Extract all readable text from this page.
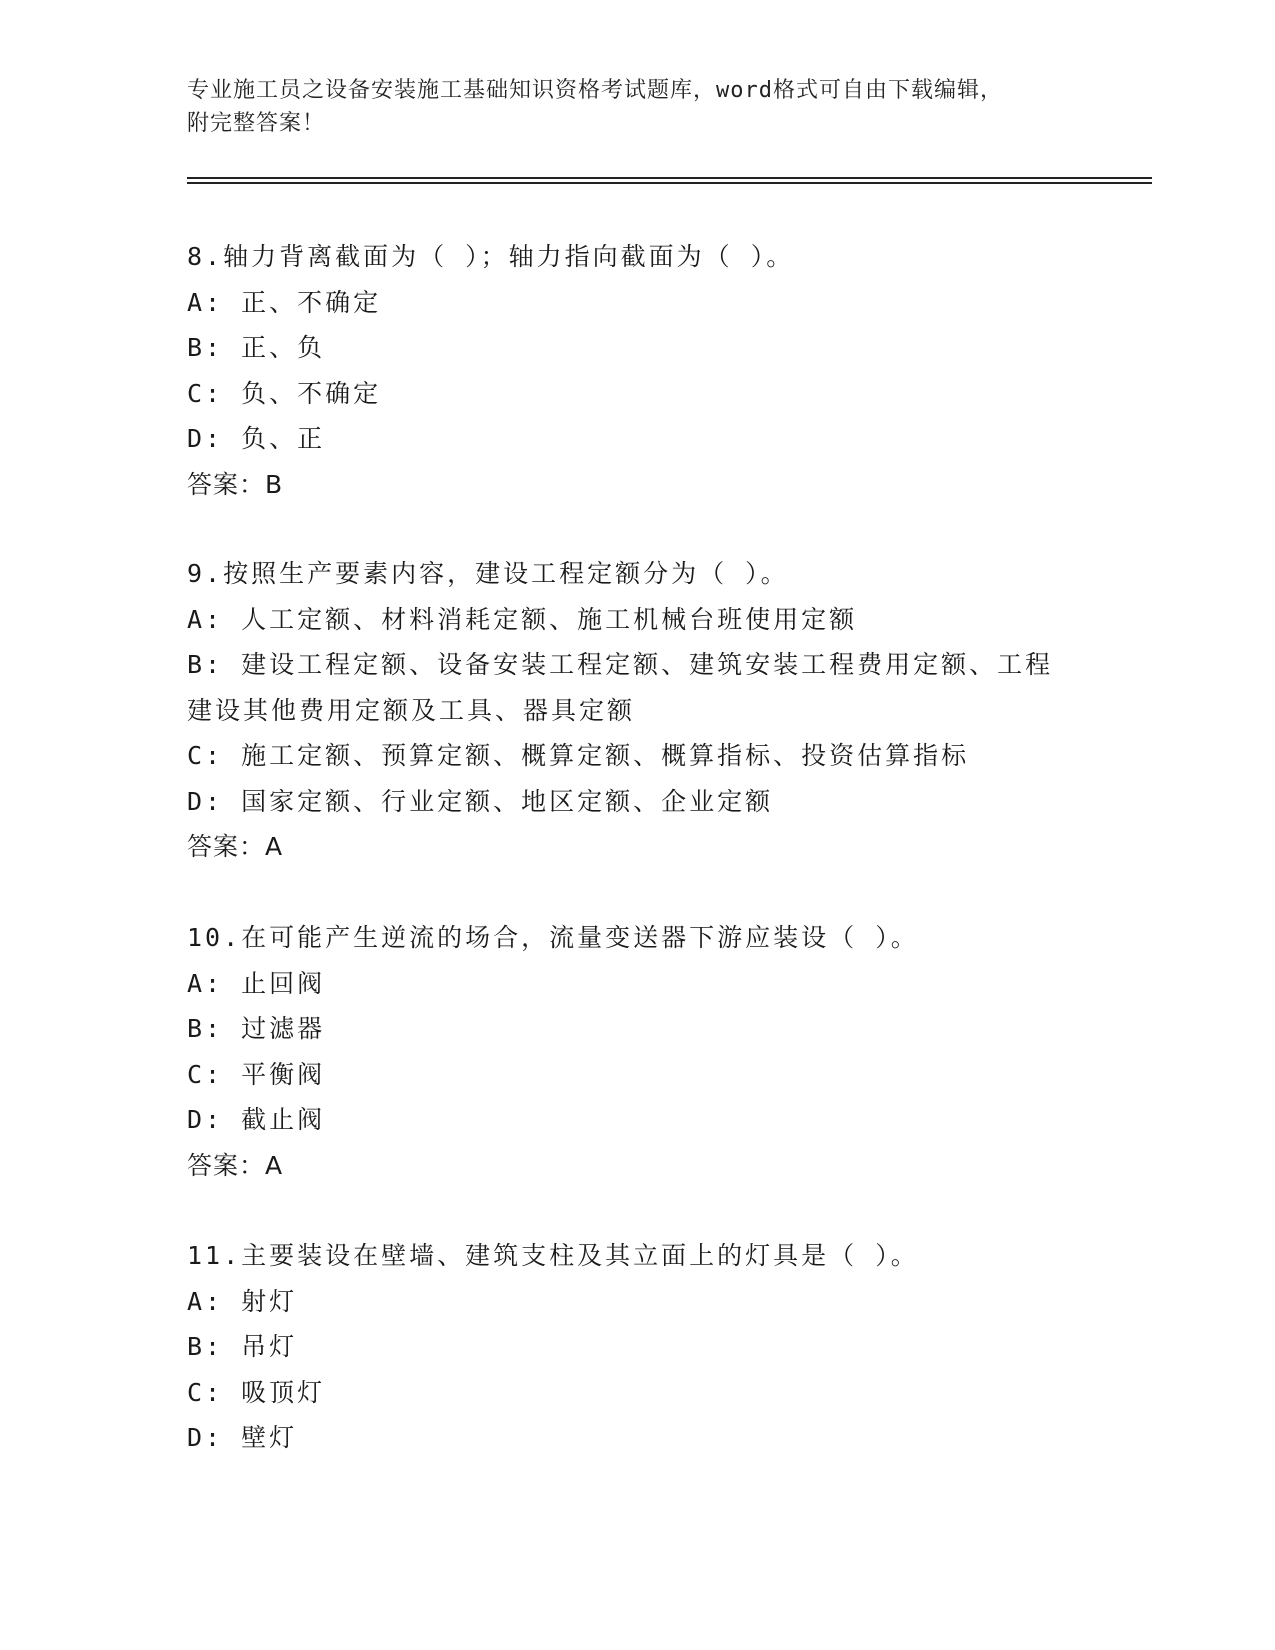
专业施工员之设备安装施工基础知识资格考试题库，word格式可自由下载编辑，
附完整答案！
8.轴力背离截面为（ ）；轴力指向截面为（ ）。
A: 正、不确定
B: 正、负
C: 负、不确定
D: 负、正
答案：B
9.按照生产要素内容，建设工程定额分为（ ）。
A: 人工定额、材料消耗定额、施工机械台班使用定额
B: 建设工程定额、设备安装工程定额、建筑安装工程费用定额、工程
建设其他费用定额及工具、器具定额
C: 施工定额、预算定额、概算定额、概算指标、投资估算指标
D: 国家定额、行业定额、地区定额、企业定额
答案：A
10.在可能产生逆流的场合，流量变送器下游应装设（ ）。
A: 止回阀
B: 过滤器
C: 平衡阀
D: 截止阀
答案：A
11.主要装设在壁墙、建筑支柱及其立面上的灯具是（ ）。
A: 射灯
B: 吊灯
C: 吸顶灯
D: 壁灯
